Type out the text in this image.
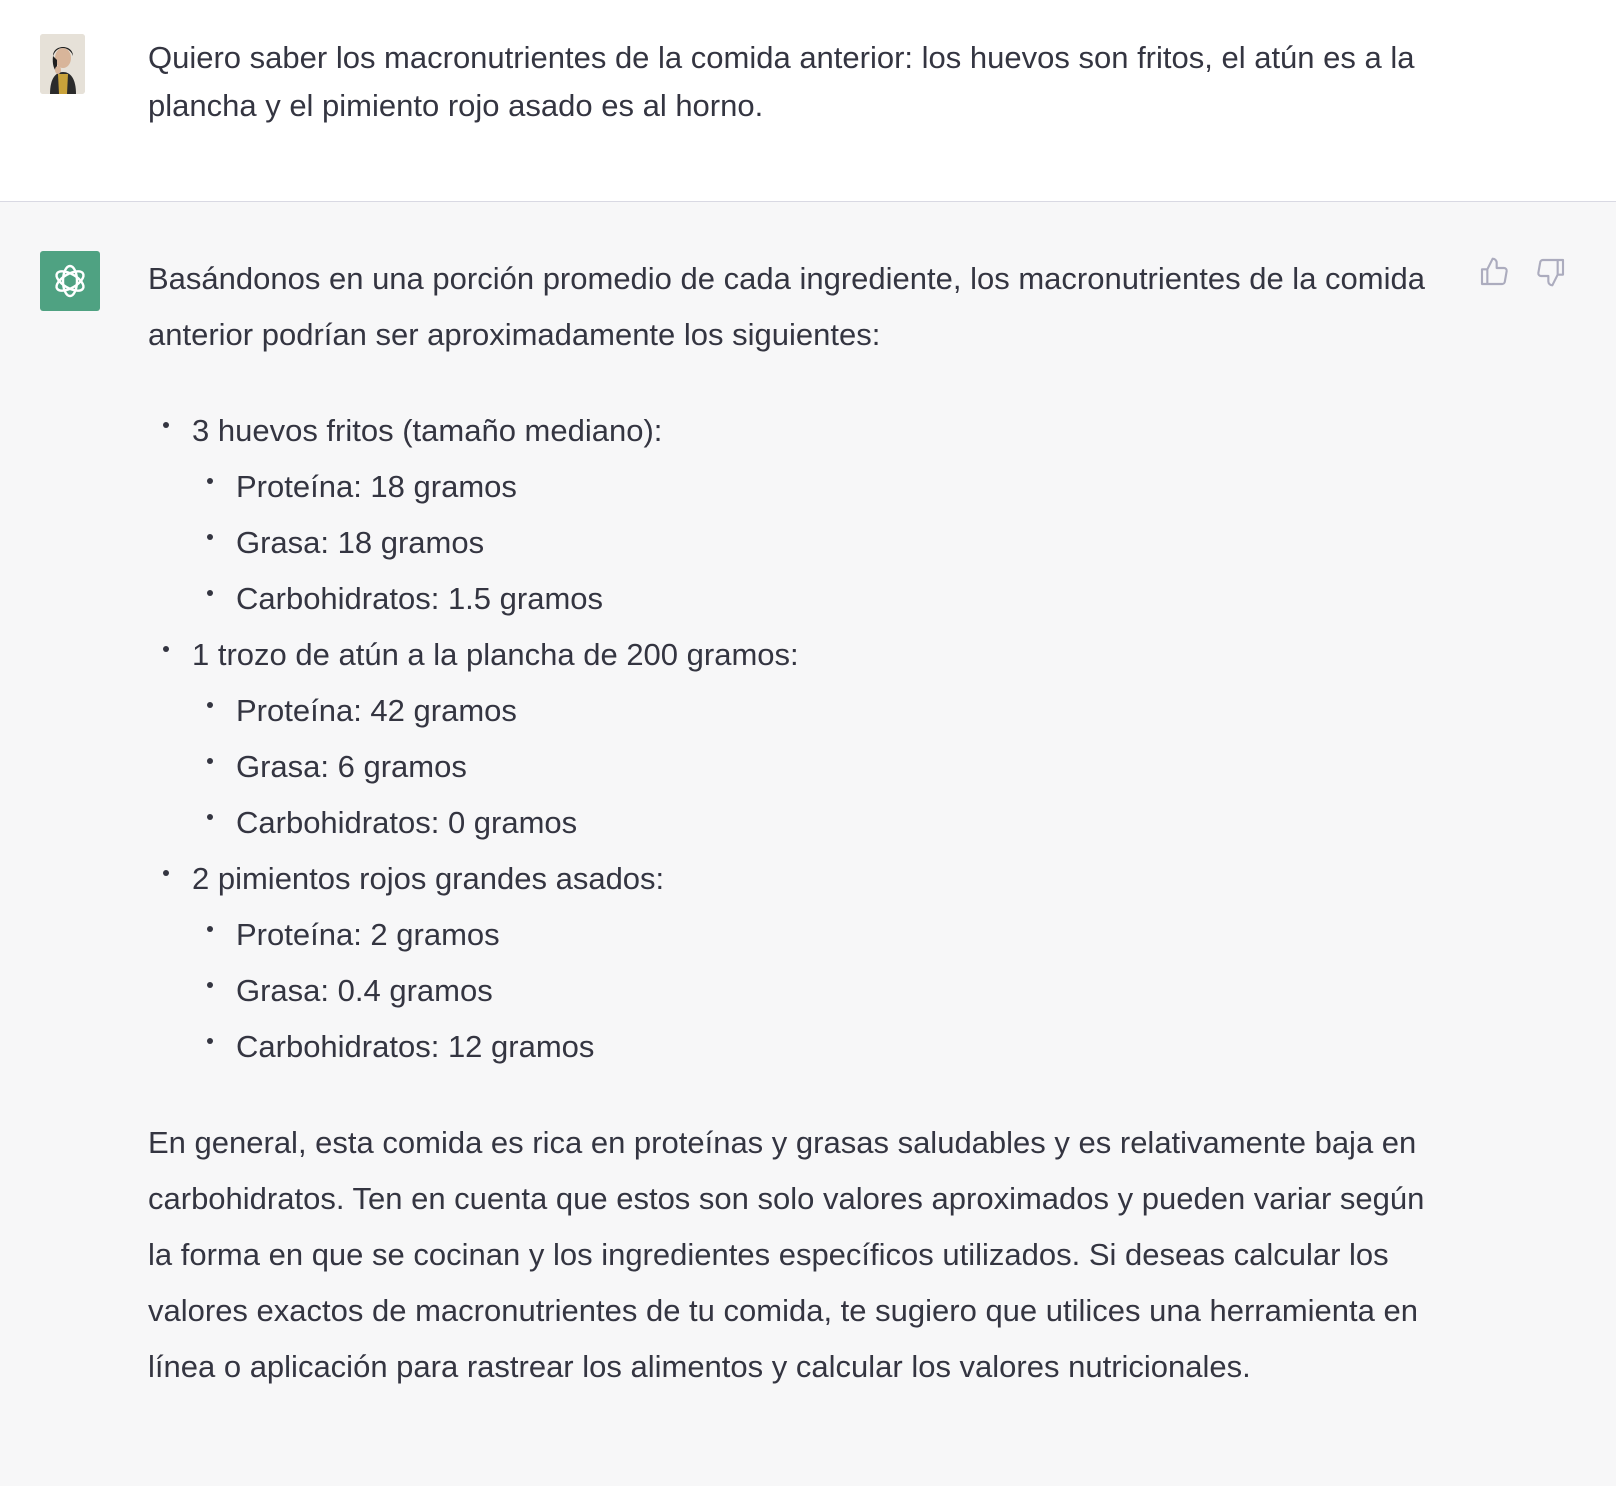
Quiero saber los macronutrientes de la comida anterior: los huevos son fritos, el atún es a la plancha y el pimiento rojo asado es al horno.

Basándonos en una porción promedio de cada ingrediente, los macronutrientes de la comida anterior podrían ser aproximadamente los siguientes:

3 huevos fritos (tamaño mediano):
Proteína: 18 gramos
Grasa: 18 gramos
Carbohidratos: 1.5 gramos
1 trozo de atún a la plancha de 200 gramos:
Proteína: 42 gramos
Grasa: 6 gramos
Carbohidratos: 0 gramos
2 pimientos rojos grandes asados:
Proteína: 2 gramos
Grasa: 0.4 gramos
Carbohidratos: 12 gramos

En general, esta comida es rica en proteínas y grasas saludables y es relativamente baja en carbohidratos. Ten en cuenta que estos son solo valores aproximados y pueden variar según la forma en que se cocinan y los ingredientes específicos utilizados. Si deseas calcular los valores exactos de macronutrientes de tu comida, te sugiero que utilices una herramienta en línea o aplicación para rastrear los alimentos y calcular los valores nutricionales.
